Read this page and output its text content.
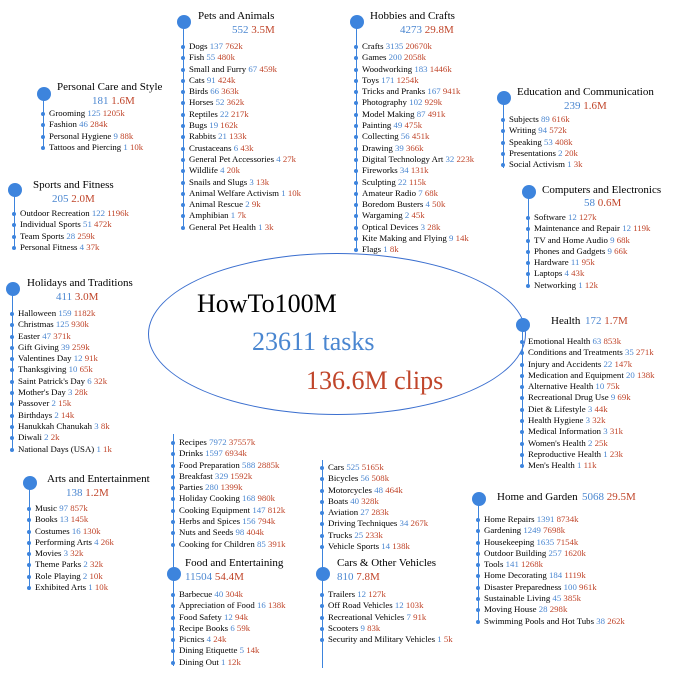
HowTo100M
23611 tasks
136.6M clips
Pets and Animals
552 3.5M
Dogs 137 762k
Fish 55 480k
Small and Furry 67 459k
Cats 91 424k
Birds 66 363k
Horses 52 362k
Reptiles 22 217k
Bugs 19 162k
Rabbits 21 133k
Crustaceans 6 43k
General Pet Accessories 4 27k
Wildlife 4 20k
Snails and Slugs 3 13k
Animal Welfare Activism 1 10k
Animal Rescue 2 9k
Amphibian 1 7k
General Pet Health 1 3k
Hobbies and Crafts
4273 29.8M
Crafts 3135 20670k
Games 200 2058k
Woodworking 183 1446k
Toys 171 1254k
Tricks and Pranks 167 941k
Photography 102 929k
Model Making 87 491k
Painting 49 475k
Collecting 56 451k
Drawing 39 366k
Digital Technology Art 32 223k
Fireworks 34 131k
Sculpting 22 115k
Amateur Radio 7 68k
Boredom Busters 4 50k
Wargaming 2 45k
Optical Devices 3 28k
Kite Making and Flying 9 14k
Flags 1 8k
Personal Care and Style
181 1.6M
Grooming 125 1205k
Fashion 46 284k
Personal Hygiene 9 88k
Tattoos and Piercing 1 10k
Education and Communication
239 1.6M
Subjects 89 616k
Writing 94 572k
Speaking 53 408k
Presentations 2 20k
Social Activism 1 3k
Sports and Fitness
205 2.0M
Outdoor Recreation 122 1196k
Individual Sports 51 472k
Team Sports 28 259k
Personal Fitness 4 37k
Computers and Electronics
58 0.6M
Software 12 127k
Maintenance and Repair 12 119k
TV and Home Audio 9 68k
Phones and Gadgets 9 66k
Hardware 11 95k
Laptops 4 43k
Networking 1 12k
Holidays and Traditions
411 3.0M
Halloween 159 1182k
Christmas 125 930k
Easter 47 371k
Gift Giving 39 259k
Valentines Day 12 91k
Thanksgiving 10 65k
Saint Patrick's Day 6 32k
Mother's Day 3 28k
Passover 2 15k
Birthdays 2 14k
Hanukkah Chanukah 3 8k
Diwali 2 2k
National Days (USA) 1 1k
Health 172 1.7M
Emotional Health 63 853k
Conditions and Treatments 35 271k
Injury and Accidents 22 147k
Medication and Equipment 20 138k
Alternative Health 10 75k
Recreational Drug Use 9 69k
Diet & Lifestyle 3 44k
Health Hygiene 3 32k
Medical Information 3 31k
Women's Health 2 25k
Reproductive Health 1 23k
Men's Health 1 11k
Arts and Entertainment
138 1.2M
Music 97 857k
Books 13 145k
Costumes 16 130k
Performing Arts 4 26k
Movies 3 32k
Theme Parks 2 32k
Role Playing 2 10k
Exhibited Arts 1 10k
Home and Garden 5068 29.5M
Home Repairs 1391 8734k
Gardening 1249 7698k
Housekeeping 1635 7154k
Outdoor Building 257 1620k
Tools 141 1268k
Home Decorating 184 1119k
Disaster Preparedness 100 961k
Sustainable Living 45 385k
Moving House 28 298k
Swimming Pools and Hot Tubs 38 262k
Food and Entertaining
11504 54.4M
Recipes 7972 37557k
Drinks 1597 6934k
Food Preparation 588 2885k
Breakfast 329 1592k
Parties 280 1399k
Holiday Cooking 168 980k
Cooking Equipment 147 812k
Herbs and Spices 156 794k
Nuts and Seeds 98 404k
Cooking for Children 85 391k
Barbecue 40 304k
Appreciation of Food 16 138k
Food Safety 12 94k
Recipe Books 6 59k
Picnics 4 24k
Dining Etiquette 5 14k
Dining Out 1 12k
Cars & Other Vehicles
810 7.8M
Cars 525 5165k
Bicycles 56 508k
Motorcycles 48 464k
Boats 40 328k
Aviation 27 283k
Driving Techniques 34 267k
Trucks 25 233k
Vehicle Sports 14 138k
Trailers 12 127k
Off Road Vehicles 12 103k
Recreational Vehicles 7 91k
Scooters 9 83k
Security and Military Vehicles 1 5k
